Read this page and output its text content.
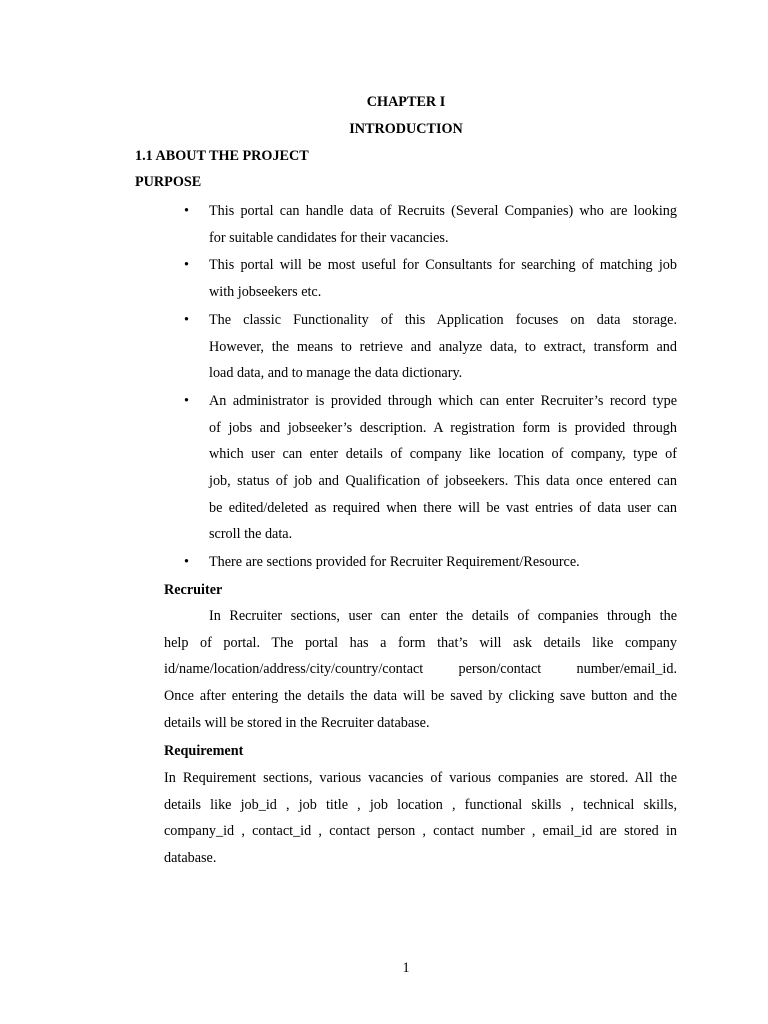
CHAPTER I
INTRODUCTION
1.1 ABOUT THE PROJECT
PURPOSE
• This portal can handle data of Recruits (Several Companies) who are looking
for suitable candidates for their vacancies.
• This portal will be most useful for Consultants for searching of matching job
with jobseekers etc.
• The classic Functionality of this Application focuses on data storage.
However, the means to retrieve and analyze data, to extract, transform and
load data, and to manage the data dictionary.
• An administrator is provided through which can enter Recruiter’s record type
of jobs and jobseeker’s description. A registration form is provided through
which user can enter details of company like location of company, type of
job, status of job and Qualification of jobseekers. This data once entered can
be edited/deleted as required when there will be vast entries of data user can
scroll the data.
• There are sections provided for Recruiter Requirement/Resource.
Recruiter
In Recruiter sections, user can enter the details of companies through the
help of portal. The portal has a form that’s will ask details like company
id/name/location/address/city/country/contact person/contact number/email_id.
Once after entering the details the data will be saved by clicking save button and the
details will be stored in the Recruiter database.
Requirement
In Requirement sections, various vacancies of various companies are stored. All the
details like job_id , job title , job location , functional skills , technical skills,
company_id , contact_id , contact person , contact number , email_id are stored in
database.
1
